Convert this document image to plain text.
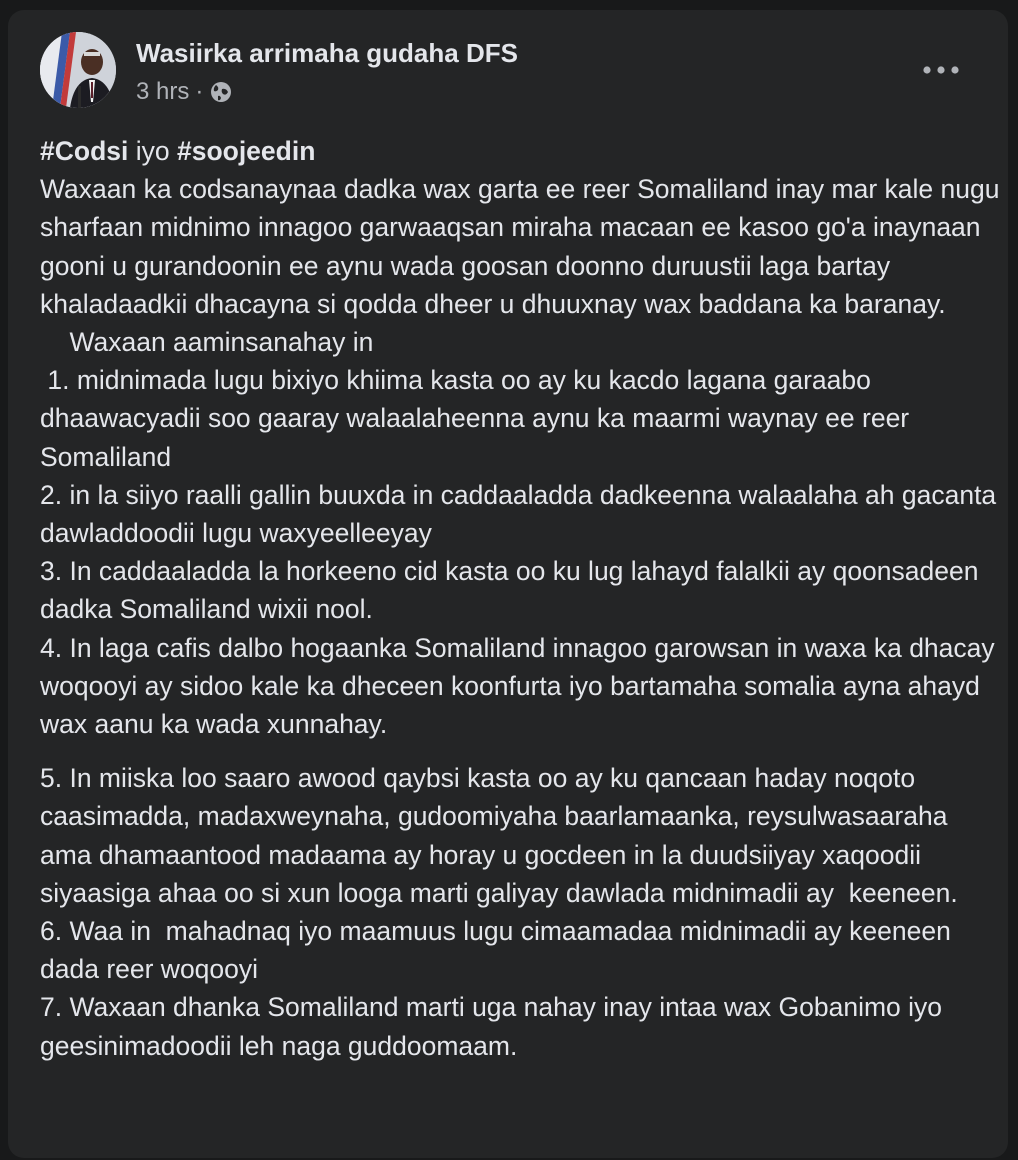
Wasiirka arrimaha gudaha DFS
3 hrs ·

#Codsi iyo #soojeedin

Waxaan ka codsanaynaa dadka wax garta ee reer Somaliland inay mar kale nugu sharfaan midnimo innagoo garwaaqsan miraha macaan ee kasoo go'a inaynaan gooni u gurandoonin ee aynu wada goosan doonno duruustii laga bartay khaladaadkii dhacayna si qodda dheer u dhuuxnay wax baddana ka baranay.

Waxaan aaminsanahay in

1. midnimada lugu bixiyo khiima kasta oo ay ku kacdo lagana garaabo dhaawacyadii soo gaaray walaalaheenna aynu ka maarmi waynay ee reer Somaliland

2. in la siiyo raalli gallin buuxda in caddaaladda dadkeenna walaalaha ah gacanta dawladdoodii lugu waxyeelleeyay

3. In caddaaladda la horkeeno cid kasta oo ku lug lahayd falalkii ay qoonsadeen dadka Somaliland wixii nool.

4. In laga cafis dalbo hogaanka Somaliland innagoo garowsan in waxa ka dhacay woqooyi ay sidoo kale ka dheceen koonfurta iyo bartamaha somalia ayna ahayd wax aanu ka wada xunnahay.

5. In miiska loo saaro awood qaybsi kasta oo ay ku qancaan haday noqoto caasimadda, madaxweynaha, gudoomiyaha baarlamaanka, reysulwasaaraha ama dhamaantood madaama ay horay u gocdeen in la duudsiiyay xaqoodii siyaasiga ahaa oo si xun looga marti galiyay dawlada midnimadii ay  keeneen.

6. Waa in  mahadnaq iyo maamuus lugu cimaamadaa midnimadii ay keeneen dada reer woqooyi

7. Waxaan dhanka Somaliland marti uga nahay inay intaa wax Gobanimo iyo geesinimadoodii leh naga guddoomaam.
